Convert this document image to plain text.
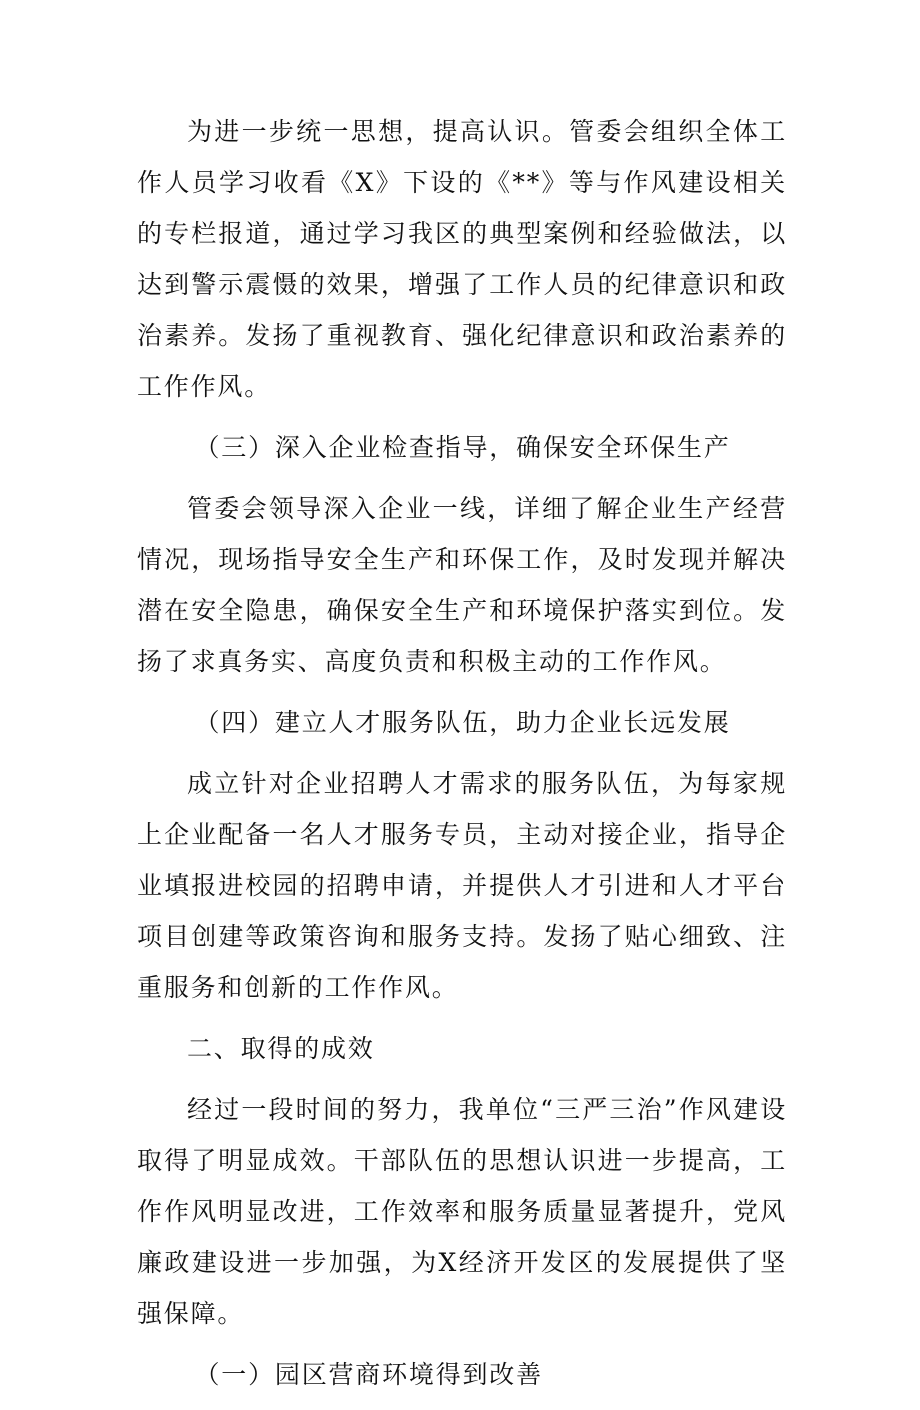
为进一步统一思想，提高认识。管委会组织全体工作人员学习收看《X》下设的《**》等与作风建设相关的专栏报道，通过学习我区的典型案例和经验做法，以达到警示震慑的效果，增强了工作人员的纪律意识和政治素养。发扬了重视教育、强化纪律意识和政治素养的工作作风。

（三）深入企业检查指导，确保安全环保生产

管委会领导深入企业一线，详细了解企业生产经营情况，现场指导安全生产和环保工作，及时发现并解决潜在安全隐患，确保安全生产和环境保护落实到位。发扬了求真务实、高度负责和积极主动的工作作风。

（四）建立人才服务队伍，助力企业长远发展

成立针对企业招聘人才需求的服务队伍，为每家规上企业配备一名人才服务专员，主动对接企业，指导企业填报进校园的招聘申请，并提供人才引进和人才平台项目创建等政策咨询和服务支持。发扬了贴心细致、注重服务和创新的工作作风。

二、取得的成效

经过一段时间的努力，我单位“三严三治”作风建设取得了明显成效。干部队伍的思想认识进一步提高，工作作风明显改进，工作效率和服务质量显著提升，党风廉政建设进一步加强，为X经济开发区的发展提供了坚强保障。

（一）园区营商环境得到改善
